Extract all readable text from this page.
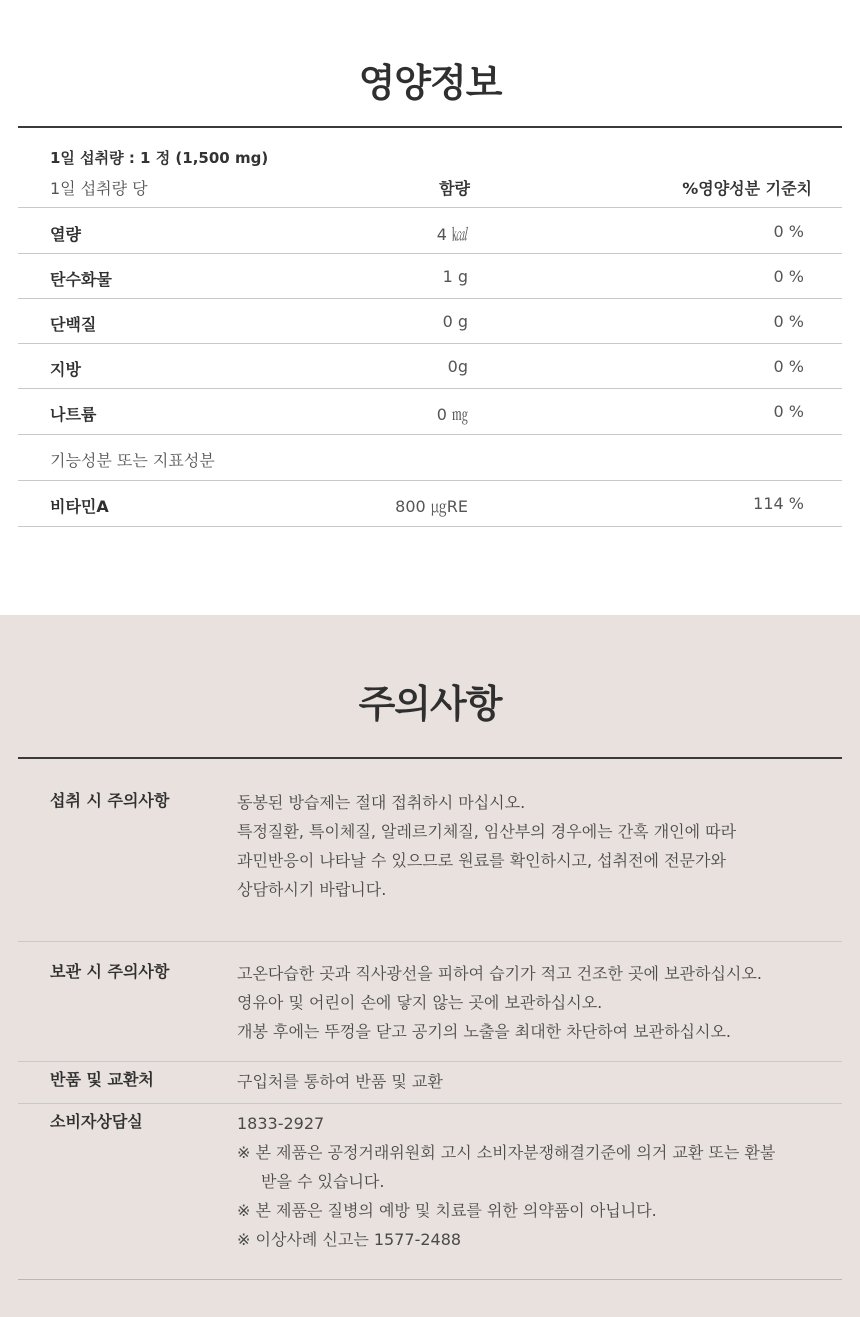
영양정보
1일 섭취량 : 1 정 (1,500 mg)
1일 섭취량 당	함량	%영양성분 기준치
열량	4 ㎉	0 %
탄수화물	1 g	0 %
단백질	0 g	0 %
지방	0g	0 %
나트륨	0 ㎎	0 %
기능성분 또는 지표성분
비타민A	800 ㎍RE	114 %
주의사항
섭취 시 주의사항	동봉된 방습제는 절대 접취하시 마십시오.
특정질환, 특이체질, 알레르기체질, 임산부의 경우에는 간혹 개인에 따라
과민반응이 나타날 수 있으므로 원료를 확인하시고, 섭취전에 전문가와
상담하시기 바랍니다.
보관 시 주의사항	고온다습한 곳과 직사광선을 피하여 습기가 적고 건조한 곳에 보관하십시오.
영유아 및 어린이 손에 닿지 않는 곳에 보관하십시오.
개봉 후에는 뚜껑을 닫고 공기의 노출을 최대한 차단하여 보관하십시오.
반품 및 교환처	구입처를 통하여 반품 및 교환
소비자상담실	1833-2927
※ 본 제품은 공정거래위원회 고시 소비자분쟁해결기준에 의거 교환 또는 환불
받을 수 있습니다.
※ 본 제품은 질병의 예방 및 치료를 위한 의약품이 아닙니다.
※ 이상사례 신고는 1577-2488
